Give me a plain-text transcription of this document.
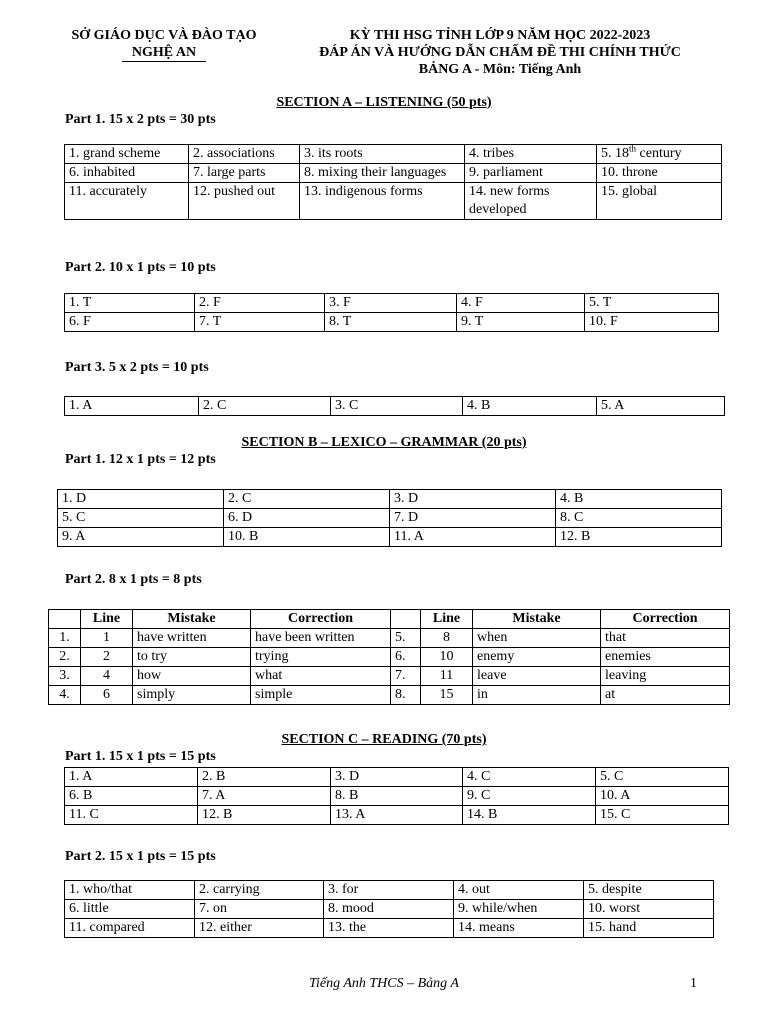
SỞ GIÁO DỤC VÀ ĐÀO TẠO
NGHỆ AN
KỲ THI HSG TỈNH LỚP 9 NĂM HỌC 2022-2023
ĐÁP ÁN VÀ HƯỚNG DẪN CHẤM ĐỀ THI CHÍNH THỨC
BẢNG A - Môn: Tiếng Anh
SECTION A – LISTENING (50 pts)
Part 1. 15 x 2 pts = 30 pts
1. grand scheme	2. associations	3. its roots	4. tribes	5. 18th century
6. inhabited	7. large parts	8. mixing their languages	9. parliament	10. throne
11. accurately	12. pushed out	13. indigenous forms	14. new forms developed	15. global
Part 2. 10 x 1 pts = 10 pts
1. T	2. F	3. F	4. F	5. T
6. F	7. T	8. T	9. T	10. F
Part 3. 5 x 2 pts = 10 pts
1. A	2. C	3. C	4. B	5. A
SECTION B – LEXICO – GRAMMAR (20 pts)
Part 1. 12 x 1 pts = 12 pts
1. D	2. C	3. D	4. B
5. C	6. D	7. D	8. C
9. A	10. B	11. A	12. B
Part 2. 8 x 1 pts = 8 pts
	Line	Mistake	Correction		Line	Mistake	Correction
1.	1	have written	have been written	5.	8	when	that
2.	2	to try	trying	6.	10	enemy	enemies
3.	4	how	what	7.	11	leave	leaving
4.	6	simply	simple	8.	15	in	at
SECTION C – READING (70 pts)
Part 1. 15 x 1 pts = 15 pts
1. A	2. B	3. D	4. C	5. C
6. B	7. A	8. B	9. C	10. A
11. C	12. B	13. A	14. B	15. C
Part 2. 15 x 1 pts = 15 pts
1. who/that	2. carrying	3. for	4. out	5. despite
6. little	7. on	8. mood	9. while/when	10. worst
11. compared	12. either	13. the	14. means	15. hand
Tiếng Anh THCS – Bảng A	1
